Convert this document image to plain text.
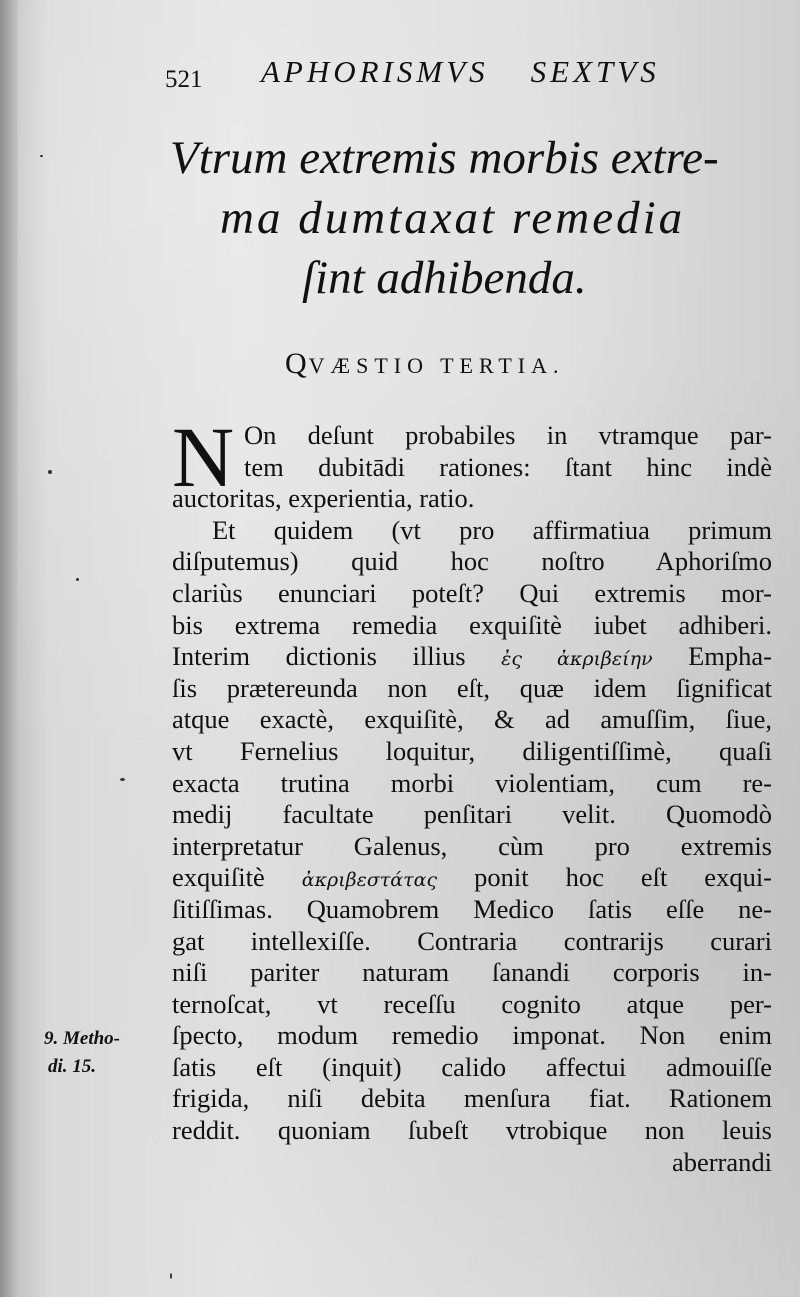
521 APHORISMVS SEXTVS
Vtrum extremis morbis extre-
ma dumtaxat remedia
ſint adhibenda.
QVÆSTIO TERTIA.
N On deſunt probabiles in vtramque par-
tem dubitādi rationes: ſtant hinc indè
auctoritas, experientia, ratio.
Et quidem (vt pro affirmatiua primum
diſputemus) quid hoc noſtro Aphoriſmo
clariùs enunciari poteſt? Qui extremis mor-
bis extrema remedia exquiſitè iubet adhiberi.
Interim dictionis illius ἐς ἀκριβείην Empha-
ſis prætereunda non eſt, quæ idem ſignificat
atque exactè, exquiſitè, & ad amuſſim, ſiue,
vt Fernelius loquitur, diligentiſſimè, quaſi
exacta trutina morbi violentiam, cum re-
medij facultate penſitari velit. Quomodò
interpretatur Galenus, cùm pro extremis
exquiſitè ἀκριβεστάτας ponit hoc eſt exqui-
ſitiſſimas. Quamobrem Medico ſatis eſſe ne-
gat intellexiſſe. Contraria contrarijs curari
niſi pariter naturam ſanandi corporis in-
ternoſcat, vt receſſu cognito atque per-
ſpecto, modum remedio imponat. Non enim
ſatis eſt (inquit) calido affectui admouiſſe
frigida, niſi debita menſura fiat. Rationem
reddit. quoniam ſubeſt vtrobique non leuis
aberrandi
9. Metho-
di. 15.
